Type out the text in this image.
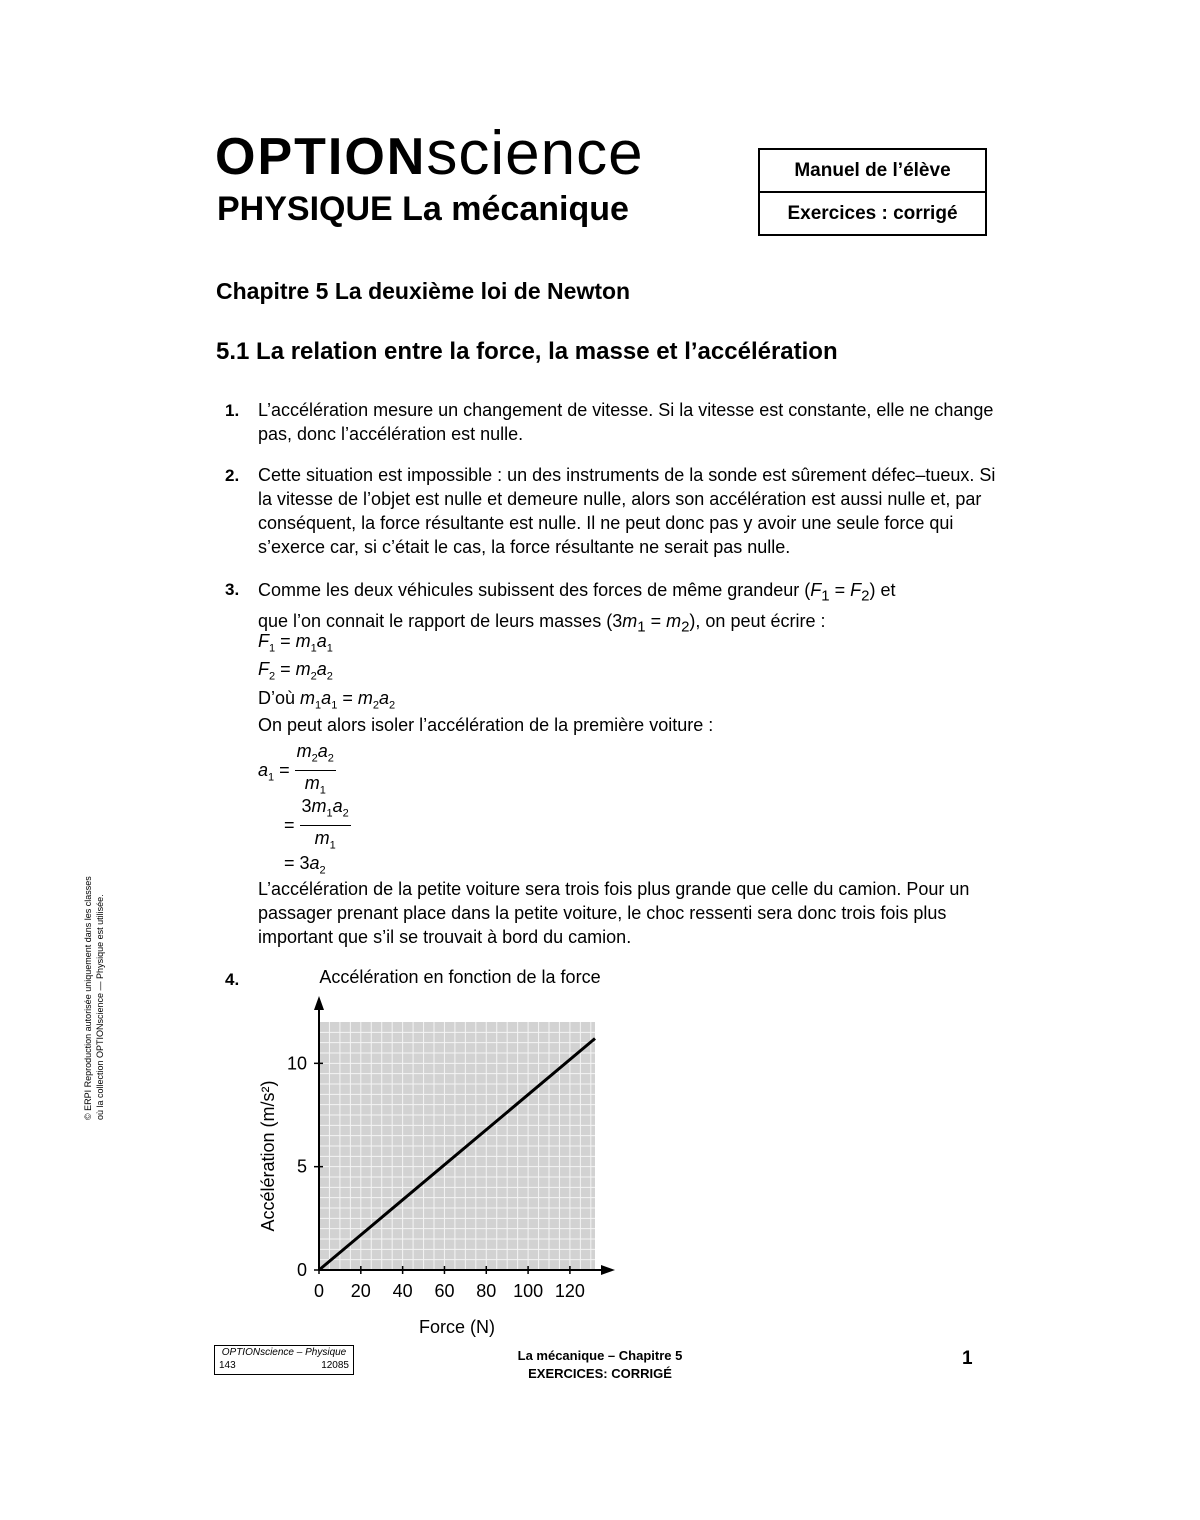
OPTIONscience
PHYSIQUE La mécanique
Manuel de l’élève
Exercices : corrigé
Chapitre 5 La deuxième loi de Newton
5.1 La relation entre la force, la masse et l’accélération
1. L’accélération mesure un changement de vitesse. Si la vitesse est constante, elle ne change pas, donc l’accélération est nulle.
2. Cette situation est impossible : un des instruments de la sonde est sûrement défec–tueux. Si la vitesse de l’objet est nulle et demeure nulle, alors son accélération est aussi nulle et, par conséquent, la force résultante est nulle. Il ne peut donc pas y avoir une seule force qui s’exerce car, si c’était le cas, la force résultante ne serait pas nulle.
3. Comme les deux véhicules subissent des forces de même grandeur $(F_1 = F_2)$ et
que l’on connait le rapport de leurs masses $(3m_1 = m_2)$, on peut écrire :
$F_1 = m_1a_1$
$F_2 = m_2a_2$
D’où $m_1a_1 = m_2a_2$
On peut alors isoler l’accélération de la première voiture :
$a_1 = \frac{m_2a_2}{m_1}$
= $\frac{3m_1a_2}{m_1}$
= $3a_2$
L’accélération de la petite voiture sera trois fois plus grande que celle du camion. Pour un passager prenant place dans la petite voiture, le choc ressenti sera donc trois fois plus important que s’il se trouvait à bord du camion.
4.	Accélération en fonction de la force
0 20 40 60 80 100 120
0
5
10
Force (N)
Accélération (m/s²)
© ERPI Reproduction autorisée uniquement dans les classes où la collection OPTIONscience — Physique est utilisée.
OPTIONscience – Physique
143	12085
La mécanique – Chapitre 5
EXERCICES: CORRIGÉ
1
